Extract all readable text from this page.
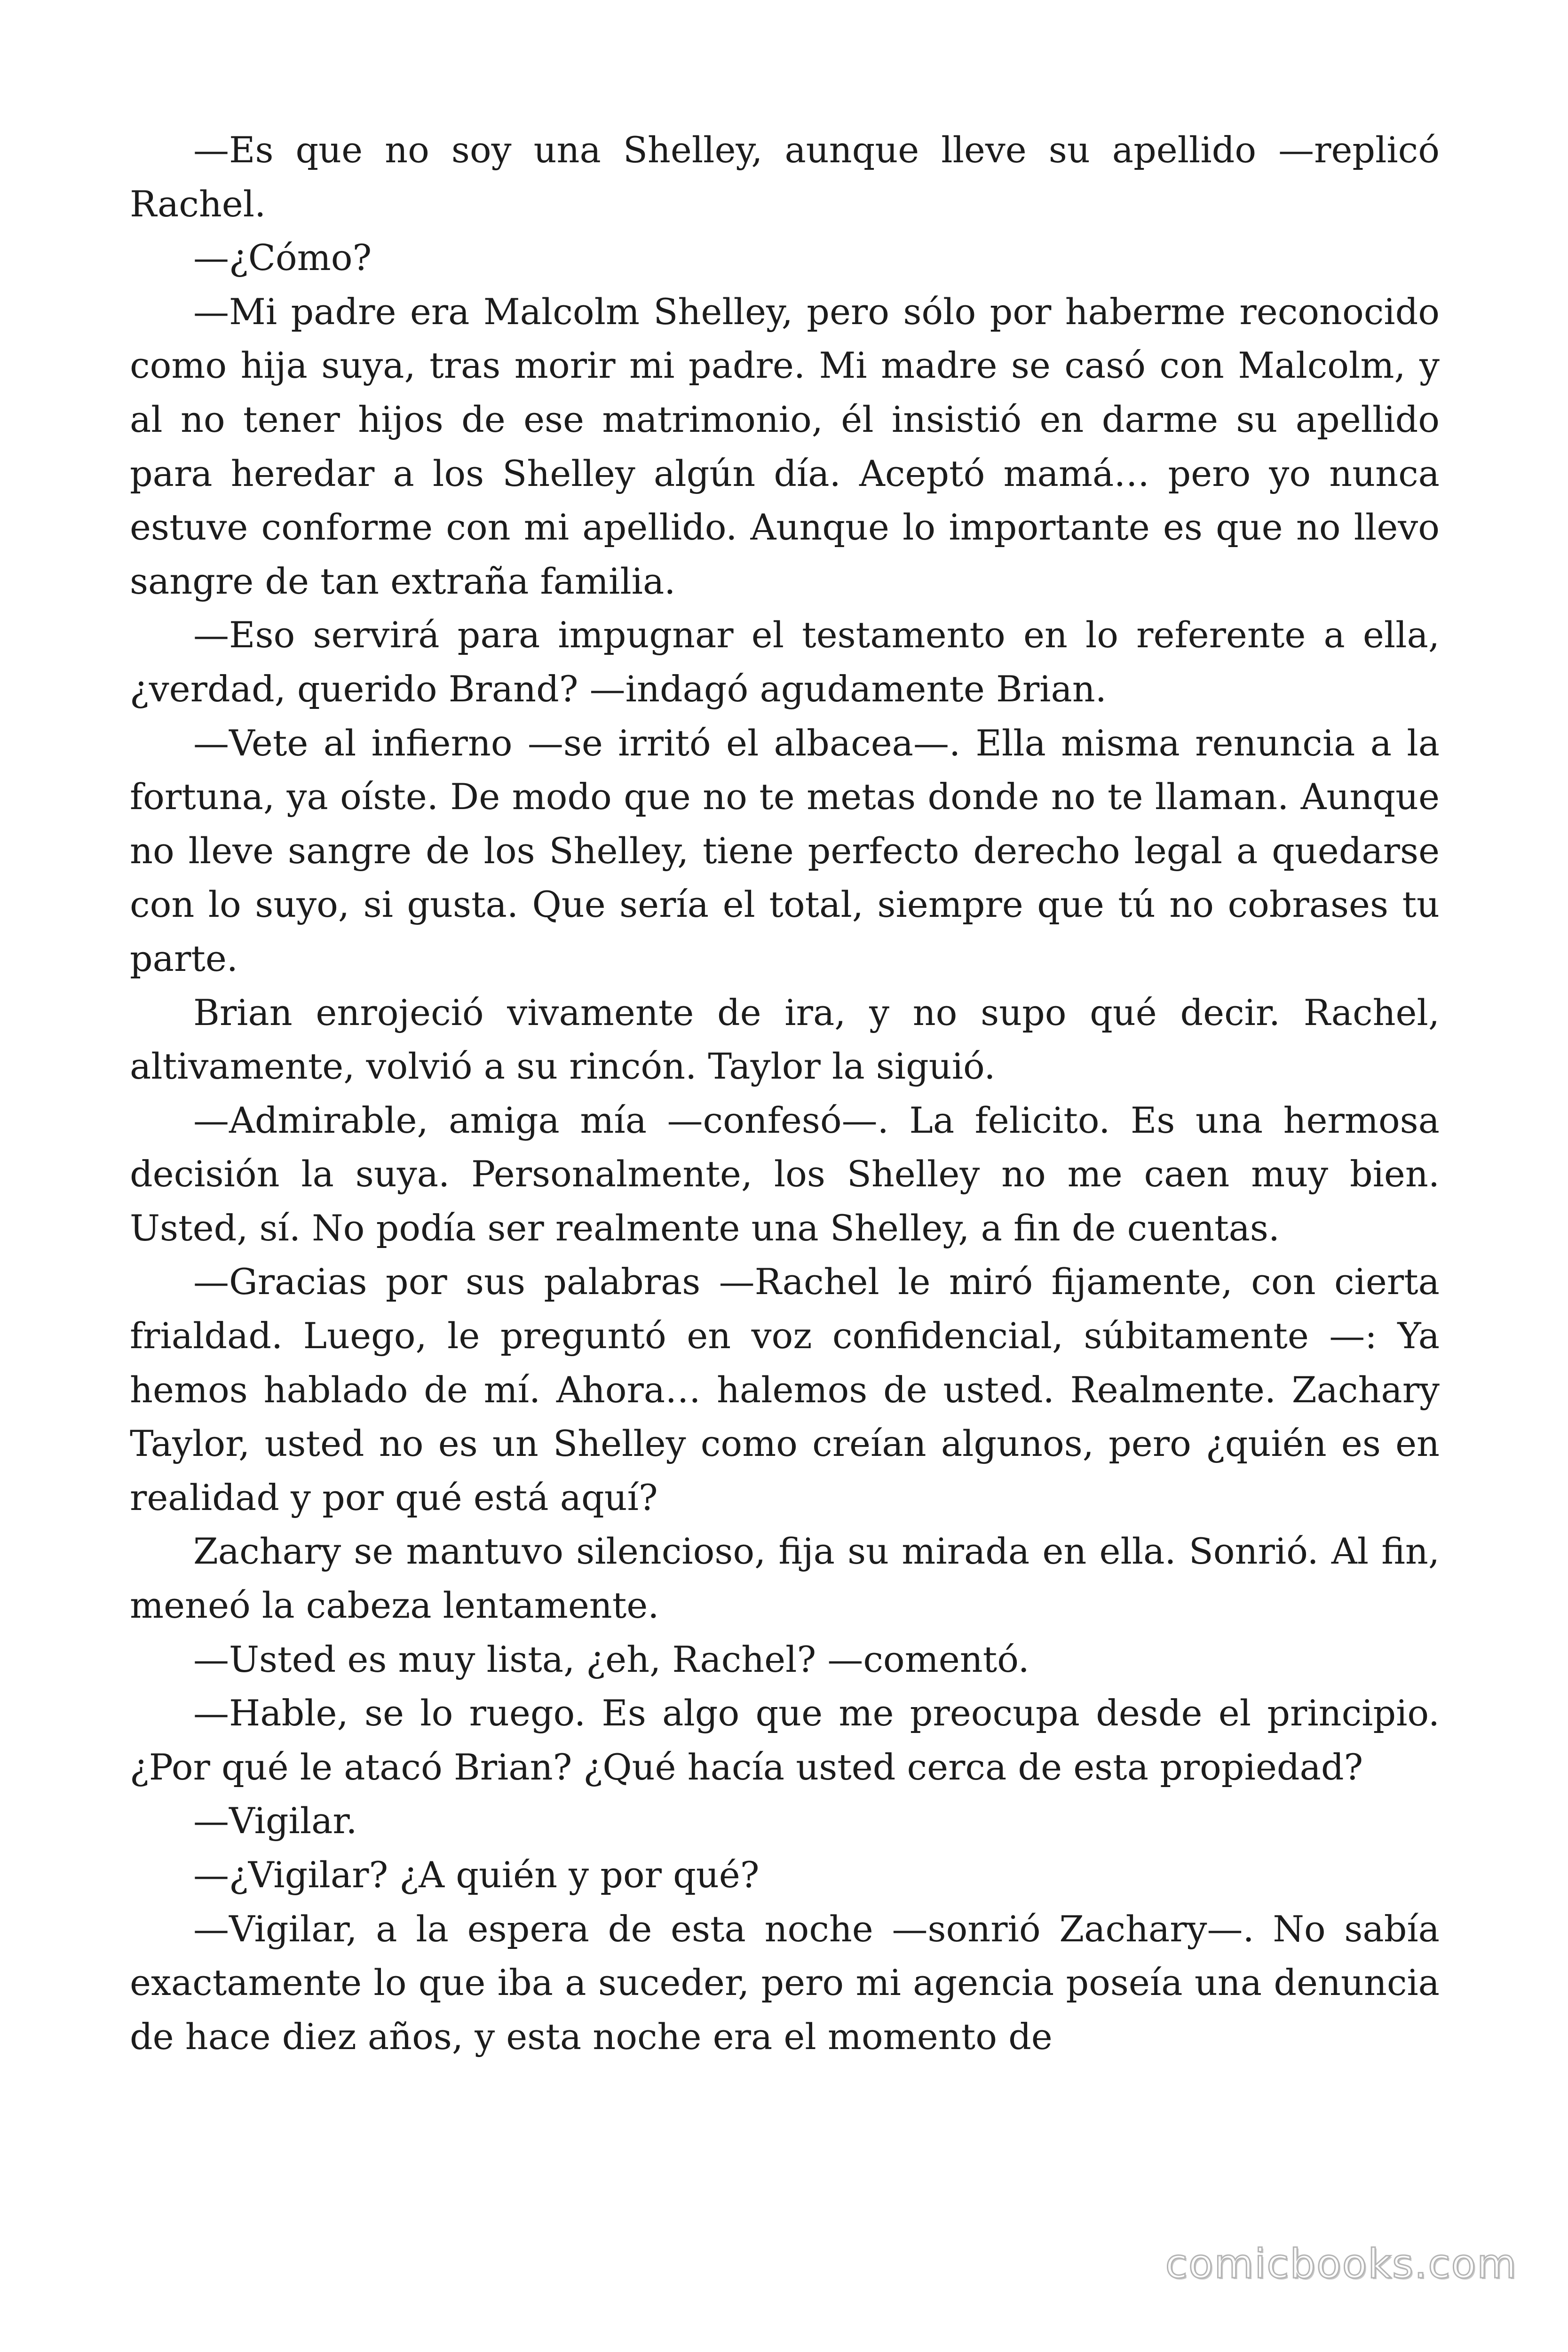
—Es que no soy una Shelley, aunque lleve su apellido —replicó Rachel.

—¿Cómo?

—Mi padre era Malcolm Shelley, pero sólo por haberme reconocido como hija suya, tras morir mi padre. Mi madre se casó con Malcolm, y al no tener hijos de ese matrimonio, él insistió en darme su apellido para heredar a los Shelley algún día. Aceptó mamá… pero yo nunca estuve conforme con mi apellido. Aunque lo importante es que no llevo sangre de tan extraña familia.

—Eso servirá para impugnar el testamento en lo referente a ella, ¿verdad, querido Brand? —indagó agudamente Brian.

—Vete al infierno —se irritó el albacea—. Ella misma renuncia a la fortuna, ya oíste. De modo que no te metas donde no te llaman. Aunque no lleve sangre de los Shelley, tiene perfecto derecho legal a quedarse con lo suyo, si gusta. Que sería el total, siempre que tú no cobrases tu parte.

Brian enrojeció vivamente de ira, y no supo qué decir. Rachel, altivamente, volvió a su rincón. Taylor la siguió.

—Admirable, amiga mía —confesó—. La felicito. Es una hermosa decisión la suya. Personalmente, los Shelley no me caen muy bien. Usted, sí. No podía ser realmente una Shelley, a fin de cuentas.

—Gracias por sus palabras —Rachel le miró fijamente, con cierta frialdad. Luego, le preguntó en voz confidencial, súbitamente —: Ya hemos hablado de mí. Ahora… halemos de usted. Realmente. Zachary Taylor, usted no es un Shelley como creían algunos, pero ¿quién es en realidad y por qué está aquí?

Zachary se mantuvo silencioso, fija su mirada en ella. Sonrió. Al fin, meneó la cabeza lentamente.

—Usted es muy lista, ¿eh, Rachel? —comentó.

—Hable, se lo ruego. Es algo que me preocupa desde el principio. ¿Por qué le atacó Brian? ¿Qué hacía usted cerca de esta propiedad?

—Vigilar.

—¿Vigilar? ¿A quién y por qué?

—Vigilar, a la espera de esta noche —sonrió Zachary—. No sabía exactamente lo que iba a suceder, pero mi agencia poseía una denuncia de hace diez años, y esta noche era el momento de

comicbooks.com
